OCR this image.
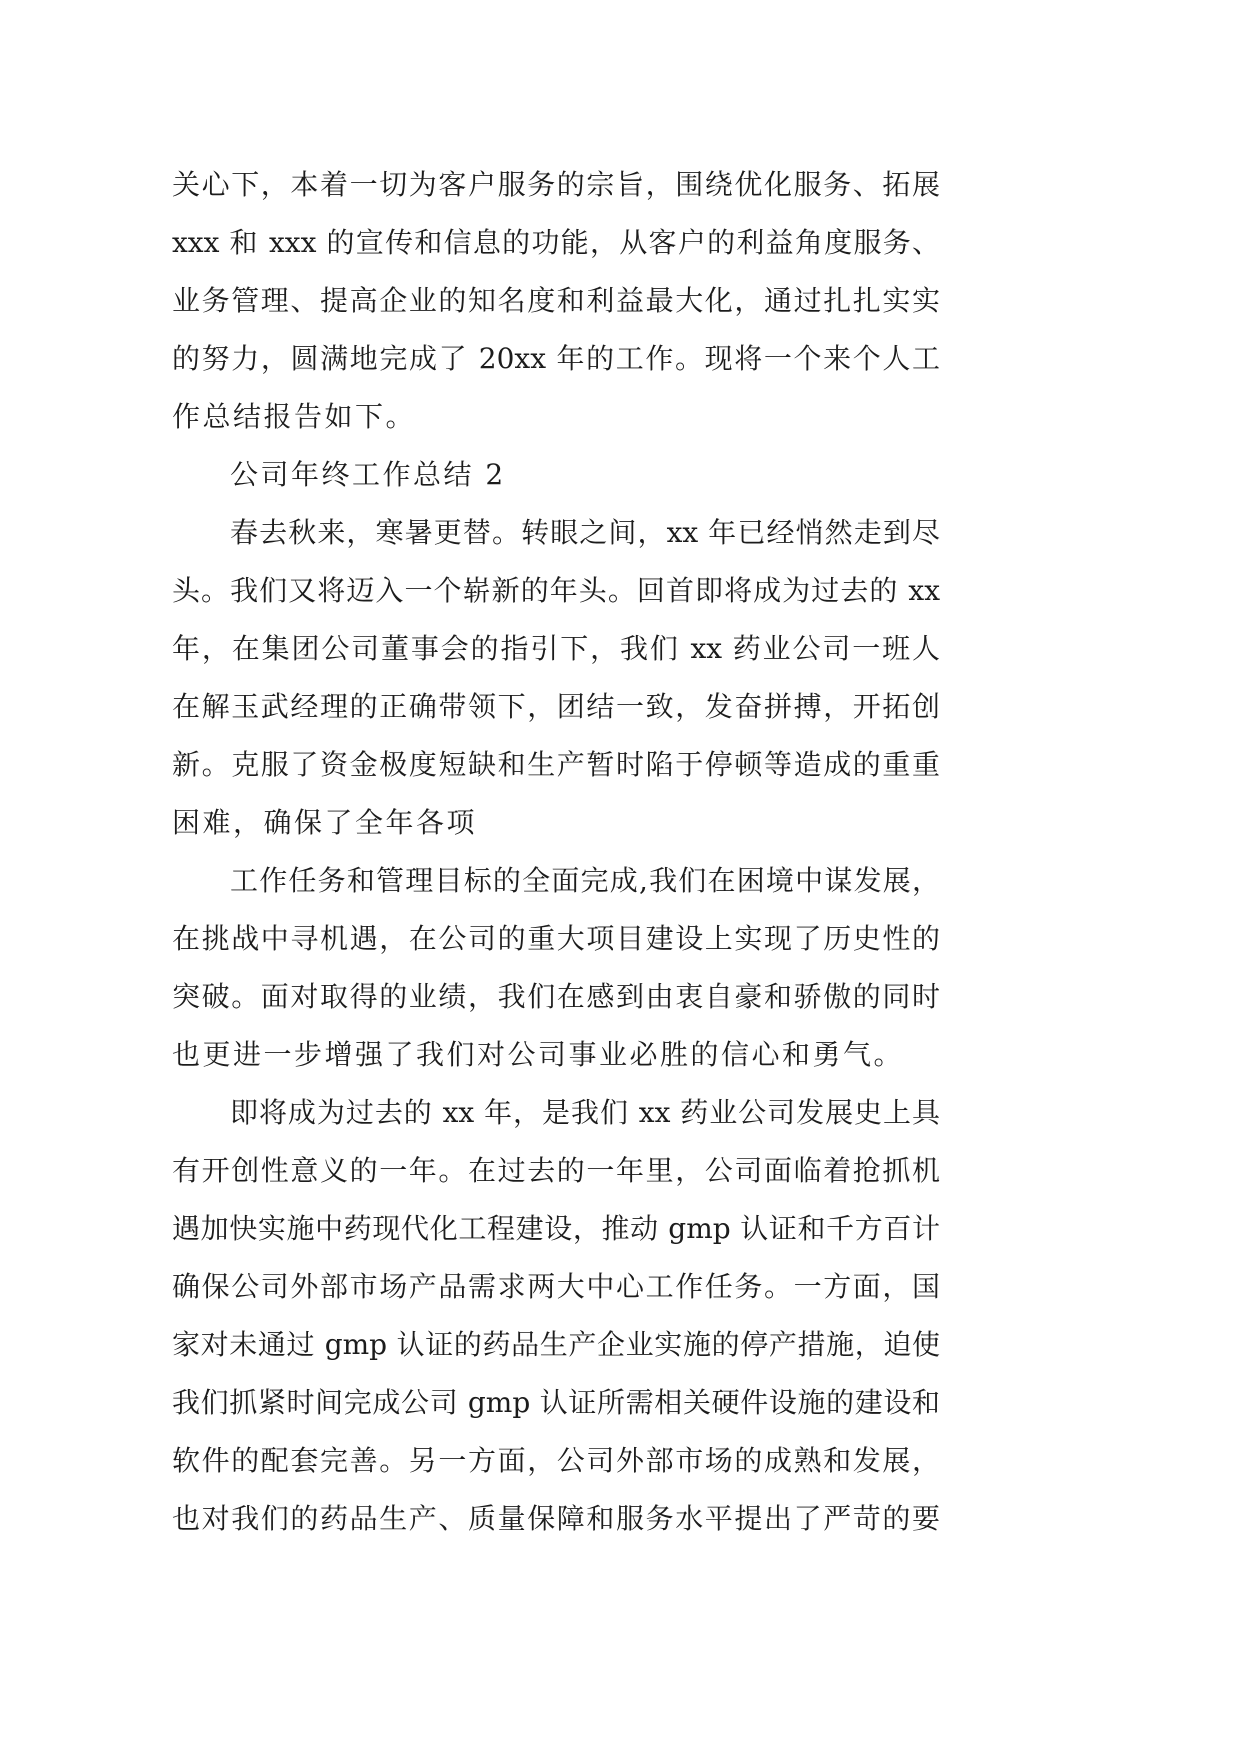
关心下，本着一切为客户服务的宗旨，围绕优化服务、拓展
xxx 和 xxx 的宣传和信息的功能，从客户的利益角度服务、
业务管理、提高企业的知名度和利益最大化，通过扎扎实实
的努力，圆满地完成了 20xx 年的工作。现将一个来个人工
作总结报告如下。
公司年终工作总结 2
春去秋来，寒暑更替。转眼之间，xx 年已经悄然走到尽
头。我们又将迈入一个崭新的年头。回首即将成为过去的 xx
年，在集团公司董事会的指引下，我们 xx 药业公司一班人
在解玉武经理的正确带领下，团结一致，发奋拼搏，开拓创
新。克服了资金极度短缺和生产暂时陷于停顿等造成的重重
困难，确保了全年各项
工作任务和管理目标的全面完成,我们在困境中谋发展，
在挑战中寻机遇，在公司的重大项目建设上实现了历史性的
突破。面对取得的业绩，我们在感到由衷自豪和骄傲的同时
也更进一步增强了我们对公司事业必胜的信心和勇气。
即将成为过去的 xx 年，是我们 xx 药业公司发展史上具
有开创性意义的一年。在过去的一年里，公司面临着抢抓机
遇加快实施中药现代化工程建设，推动 gmp 认证和千方百计
确保公司外部市场产品需求两大中心工作任务。一方面，国
家对未通过 gmp 认证的药品生产企业实施的停产措施，迫使
我们抓紧时间完成公司 gmp 认证所需相关硬件设施的建设和
软件的配套完善。另一方面，公司外部市场的成熟和发展，
也对我们的药品生产、质量保障和服务水平提出了严苛的要
